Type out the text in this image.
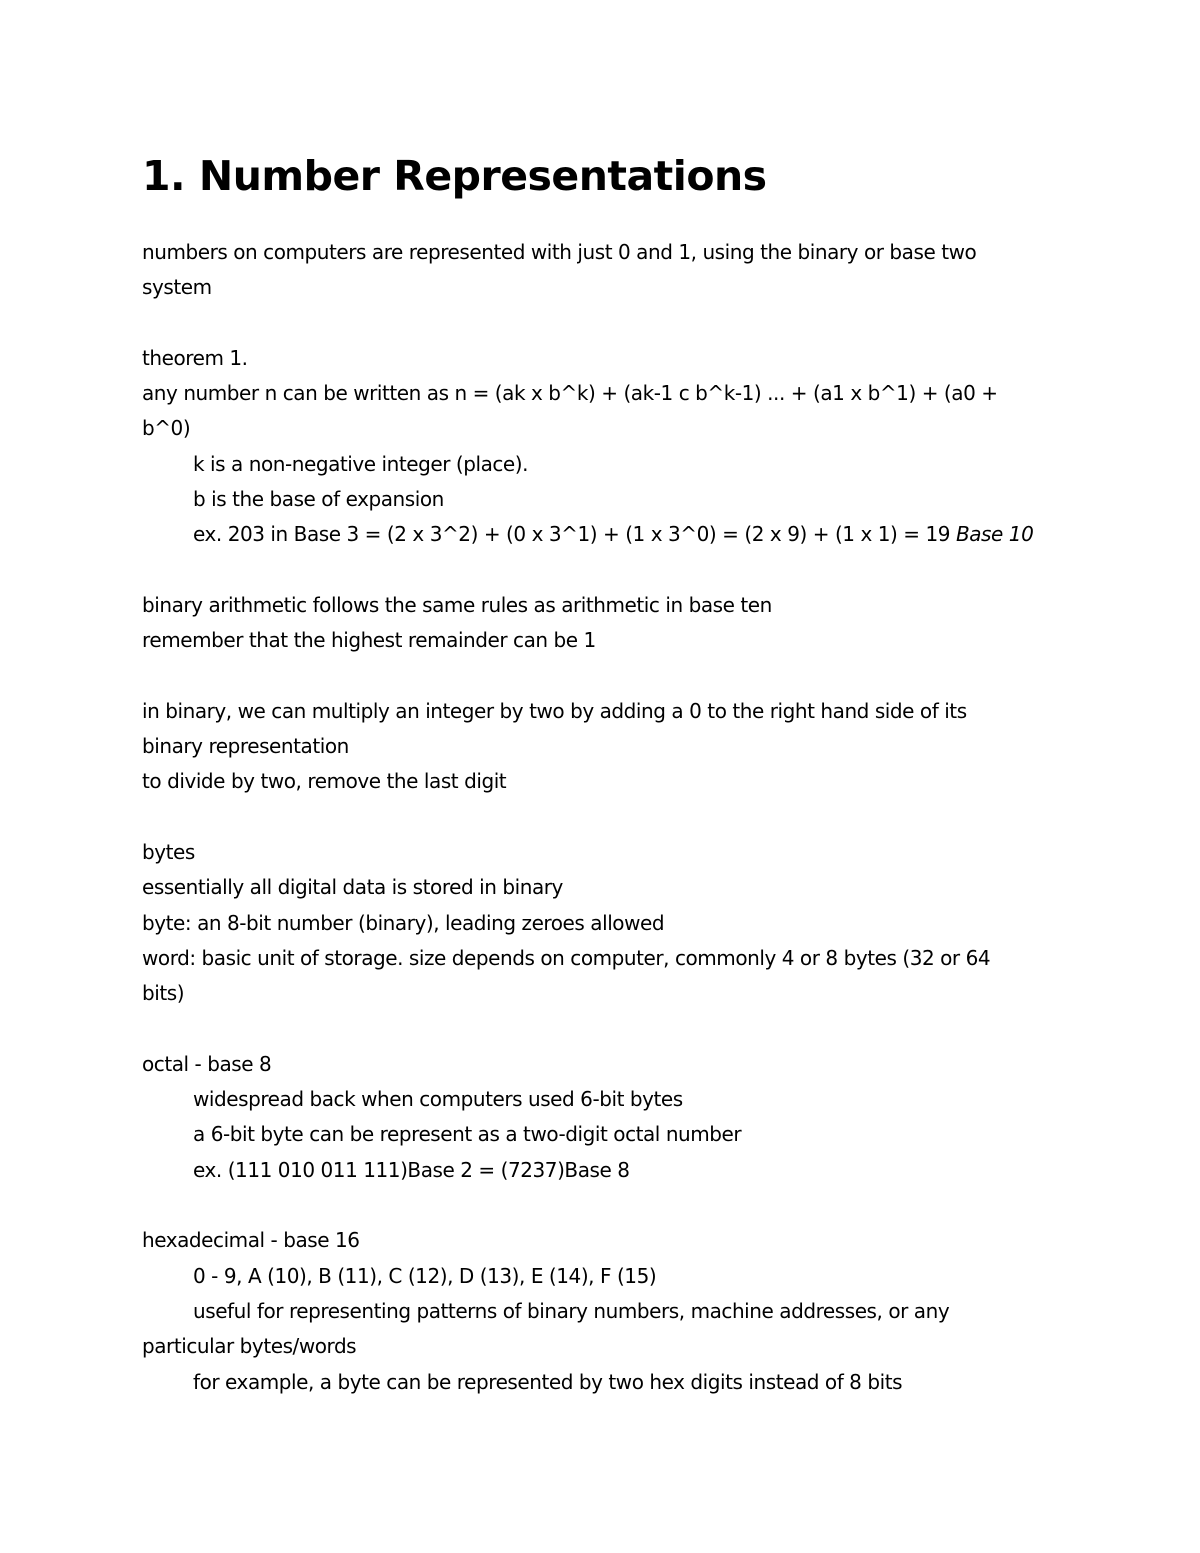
1. Number Representations
numbers on computers are represented with just 0 and 1, using the binary or base two
system
theorem 1.
any number n can be written as n = (ak x b^k) + (ak-1 c b^k-1) ... + (a1 x b^1) + (a0 +
b^0)
k is a non-negative integer (place).
b is the base of expansion
ex. 203 in Base 3 = (2 x 3^2) + (0 x 3^1) + (1 x 3^0) = (2 x 9) + (1 x 1) = 19 Base 10
binary arithmetic follows the same rules as arithmetic in base ten
remember that the highest remainder can be 1
in binary, we can multiply an integer by two by adding a 0 to the right hand side of its
binary representation
to divide by two, remove the last digit
bytes
essentially all digital data is stored in binary
byte: an 8-bit number (binary), leading zeroes allowed
word: basic unit of storage. size depends on computer, commonly 4 or 8 bytes (32 or 64
bits)
octal - base 8
widespread back when computers used 6-bit bytes
a 6-bit byte can be represent as a two-digit octal number
ex. (111 010 011 111)Base 2 = (7237)Base 8
hexadecimal - base 16
0 - 9, A (10), B (11), C (12), D (13), E (14), F (15)
useful for representing patterns of binary numbers, machine addresses, or any
particular bytes/words
for example, a byte can be represented by two hex digits instead of 8 bits
